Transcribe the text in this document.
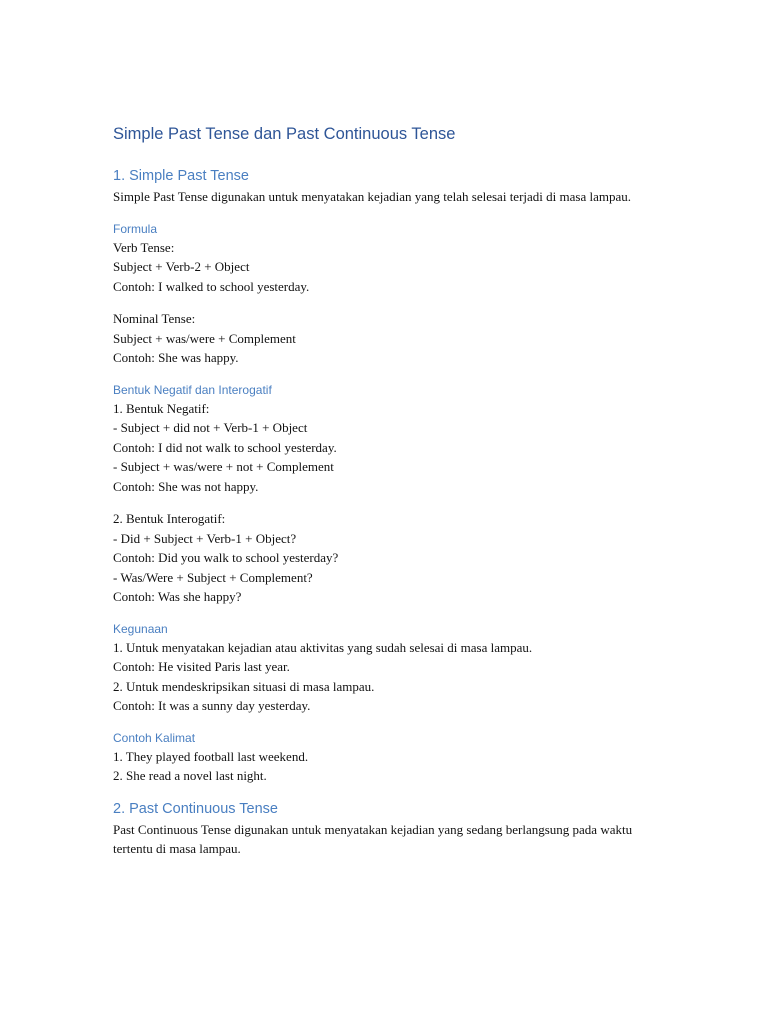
Simple Past Tense dan Past Continuous Tense
1. Simple Past Tense

Simple Past Tense digunakan untuk menyatakan kejadian yang telah selesai terjadi di masa lampau.

Formula

Verb Tense:
Subject + Verb-2 + Object
Contoh: I walked to school yesterday.

Nominal Tense:
Subject + was/were + Complement
Contoh: She was happy.

Bentuk Negatif dan Interogatif

1. Bentuk Negatif:
- Subject + did not + Verb-1 + Object
Contoh: I did not walk to school yesterday.
- Subject + was/were + not + Complement
Contoh: She was not happy.

2. Bentuk Interogatif:
- Did + Subject + Verb-1 + Object?
Contoh: Did you walk to school yesterday?
- Was/Were + Subject + Complement?
Contoh: Was she happy?

Kegunaan

1. Untuk menyatakan kejadian atau aktivitas yang sudah selesai di masa lampau.
Contoh: He visited Paris last year.
2. Untuk mendeskripsikan situasi di masa lampau.
Contoh: It was a sunny day yesterday.

Contoh Kalimat

1. They played football last weekend.
2. She read a novel last night.

2. Past Continuous Tense

Past Continuous Tense digunakan untuk menyatakan kejadian yang sedang berlangsung pada waktu tertentu di masa lampau.
